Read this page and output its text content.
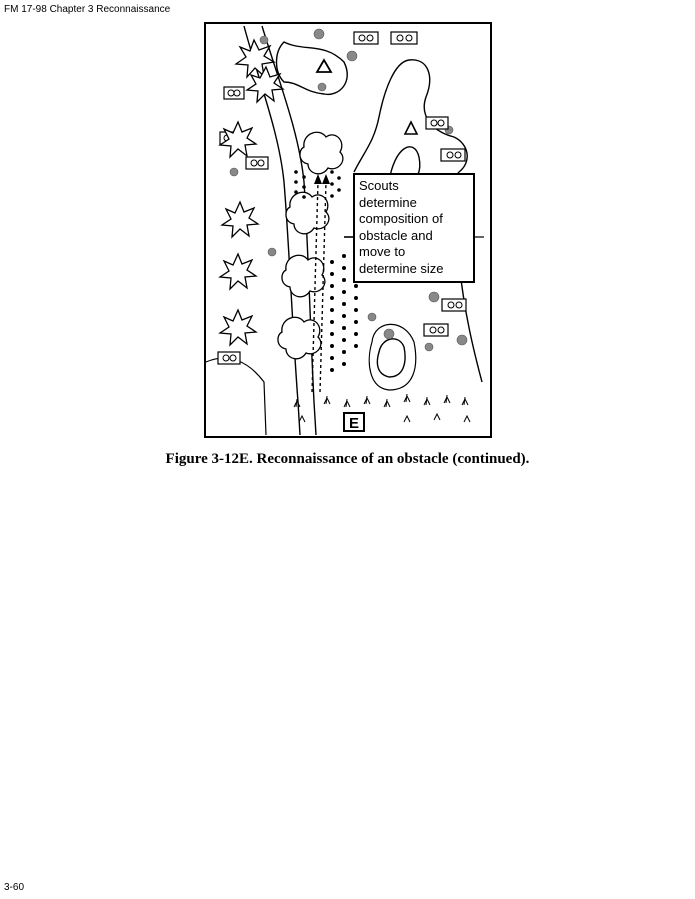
FM 17-98 Chapter 3 Reconnaissance
E
Scouts
determine
composition of
obstacle and
move to
determine size
Figure 3-12E. Reconnaissance of an obstacle (continued).
3-60
